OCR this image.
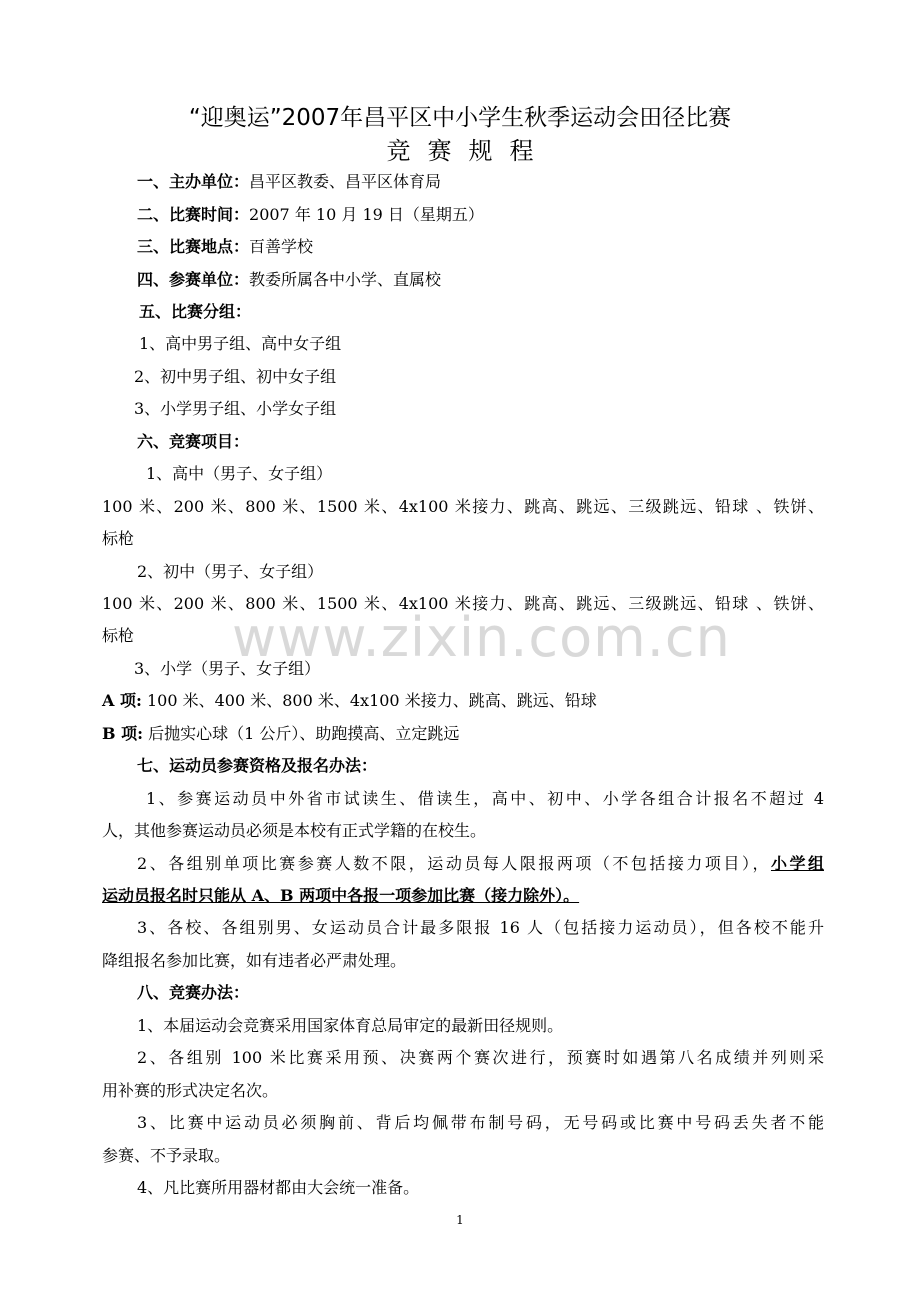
“迎奥运”2007年昌平区中小学生秋季运动会田径比赛
竞赛规程
一、主办单位：昌平区教委、昌平区体育局
二、比赛时间：2007 年 10 月 19 日（星期五）
三、比赛地点：百善学校
四、参赛单位：教委所属各中小学、直属校
五、比赛分组：
1、高中男子组、高中女子组
2、初中男子组、初中女子组
3、小学男子组、小学女子组
六、竞赛项目：
1、高中（男子、女子组）
100 米、200 米、800 米、1500 米、4x100 米接力、跳高、跳远、三级跳远、铅球 、铁饼、
标枪
2、初中（男子、女子组）
100 米、200 米、800 米、1500 米、4x100 米接力、跳高、跳远、三级跳远、铅球 、铁饼、
标枪
3、小学（男子、女子组）
A 项: 100 米、400 米、800 米、4x100 米接力、跳高、跳远、铅球
B 项: 后抛实心球（1 公斤）、助跑摸高、立定跳远
七、运动员参赛资格及报名办法：
1、参赛运动员中外省市试读生、借读生，高中、初中、小学各组合计报名不超过 4
人，其他参赛运动员必须是本校有正式学籍的在校生。
2、各组别单项比赛参赛人数不限，运动员每人限报两项（不包括接力项目），小学组
运动员报名时只能从 A、B 两项中各报一项参加比赛（接力除外）。
3、各校、各组别男、女运动员合计最多限报 16 人（包括接力运动员），但各校不能升
降组报名参加比赛，如有违者必严肃处理。
八、竞赛办法：
1、本届运动会竞赛采用国家体育总局审定的最新田径规则。
2、各组别 100 米比赛采用预、决赛两个赛次进行，预赛时如遇第八名成绩并列则采
用补赛的形式决定名次。
3、比赛中运动员必须胸前、背后均佩带布制号码，无号码或比赛中号码丢失者不能
参赛、不予录取。
4、凡比赛所用器材都由大会统一准备。
www.zixin.com.cn
1
